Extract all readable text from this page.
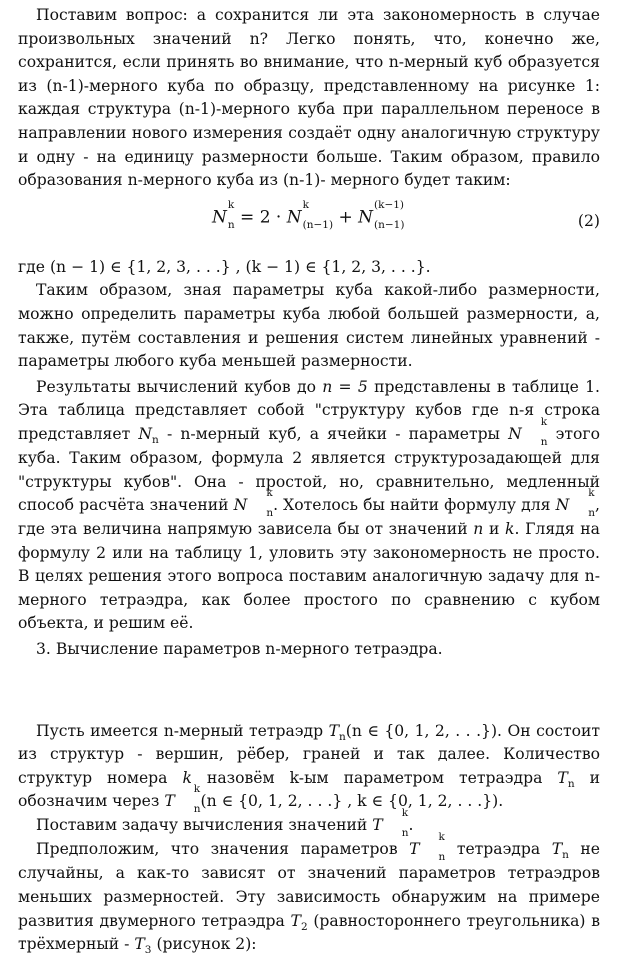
Поставим вопрос: а сохранится ли эта закономерность в случае произвольных значений n? Легко понять, что, конечно же, сохранится, если принять во внимание, что n-мерный куб образуется из (n-1)-мерного куба по образцу, представленному на рисунке 1: каждая структура (n-1)-мерного куба при параллельном переносе в направлении нового измерения создаёт одну аналогичную структуру и одну - на единицу размерности больше. Таким образом, правило образования n-мерного куба из (n-1)- мерного будет таким:

N
k
n = 2 · N
k
(n−1) + N
(k−1)
(n−1)	(2)

где (n − 1) ∈ {1, 2, 3, . . .} , (k − 1) ∈ {1, 2, 3, . . .}.

Таким образом, зная параметры куба какой-либо размерности, можно определить параметры куба любой большей размерности, а, также, путём составления и решения систем линейных уравнений - параметры любого куба меньшей размерности.

Результаты вычислений кубов до n = 5 представлены в таблице 1. Эта таблица представляет собой "структуру кубов где n-я строка представляет $N_n$ - n-мерный куб, а ячейки - параметры N
k
n этого куба. Таким образом, формула 2 является структурозадающей для "структуры кубов". Она - простой, но, сравнительно, медленный способ расчёта значений N
k
n . Хотелось бы найти формулу для N
k
n , где эта величина напрямую зависела бы от значений n и k. Глядя на формулу 2 или на таблицу 1, уловить эту закономерность не просто. В целях решения этого вопроса поставим аналогичную задачу для n-мерного тетраэдра, как более простого по сравнению с кубом объекта, и решим её.

3. Вычисление параметров n-мерного тетраэдра.

Пусть имеется n-мерный тетраэдр $T_n(n$ ∈ {0, 1, 2, . . .}). Он состоит из структур - вершин, рёбер, граней и так далее. Количество структур номера k назовём k-ым параметром тетраэдра $T_n$ и обозначим через T
k
n (n ∈ {0, 1, 2, . . .} , k ∈ {0, 1, 2, . . .}).

Поставим задачу вычисления значений T
k
n .

Предположим, что значения параметров T
k
n тетраэдра $T_n$ не случайны, а как-то зависят от значений параметров тетраэдров меньших размерностей. Эту зависимость обнаружим на примере развития двумерного тетраэдра $T_2$ (равностороннего треугольника) в трёхмерный - $T_3$ (рисунок 2):
